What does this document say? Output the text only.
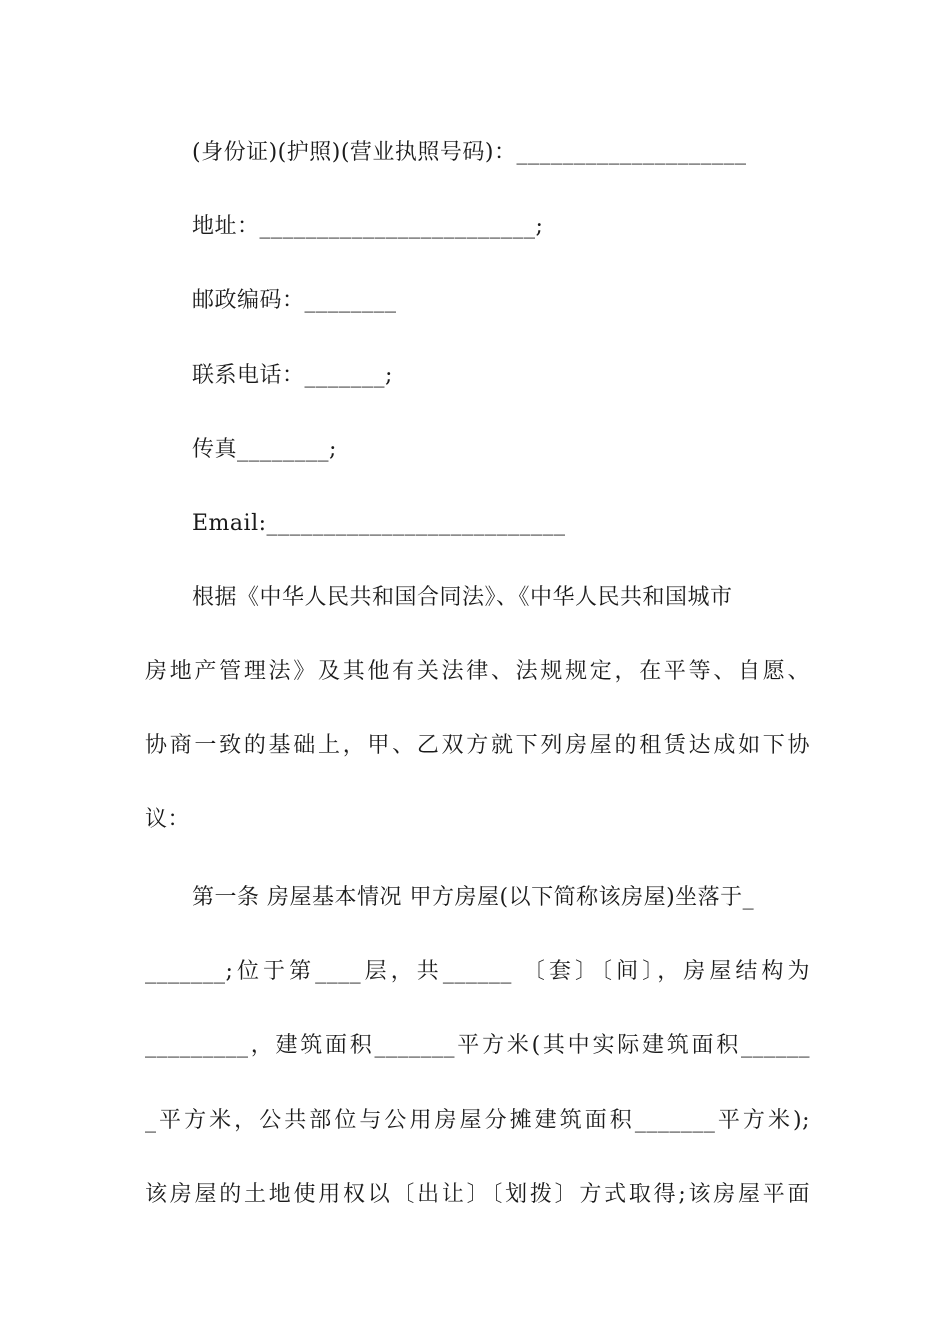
(身份证)(护照)(营业执照号码)：____________________
地址：________________________;
邮政编码：________
联系电话：_______;
传真________;
Email:__________________________
根据《中华人民共和国合同法》、《中华人民共和国城市
房地产管理法》及其他有关法律、法规规定，在平等、自愿、
协商一致的基础上，甲、乙双方就下列房屋的租赁达成如下协
议：
第一条 房屋基本情况 甲方房屋(以下简称该房屋)坐落于_
_______;位于第____层，共______ 〔套〕〔间〕，房屋结构为
_________，建筑面积_______平方米(其中实际建筑面积______
_平方米，公共部位与公用房屋分摊建筑面积_______平方米);
该房屋的土地使用权以〔出让〕〔划拨〕方式取得;该房屋平面
